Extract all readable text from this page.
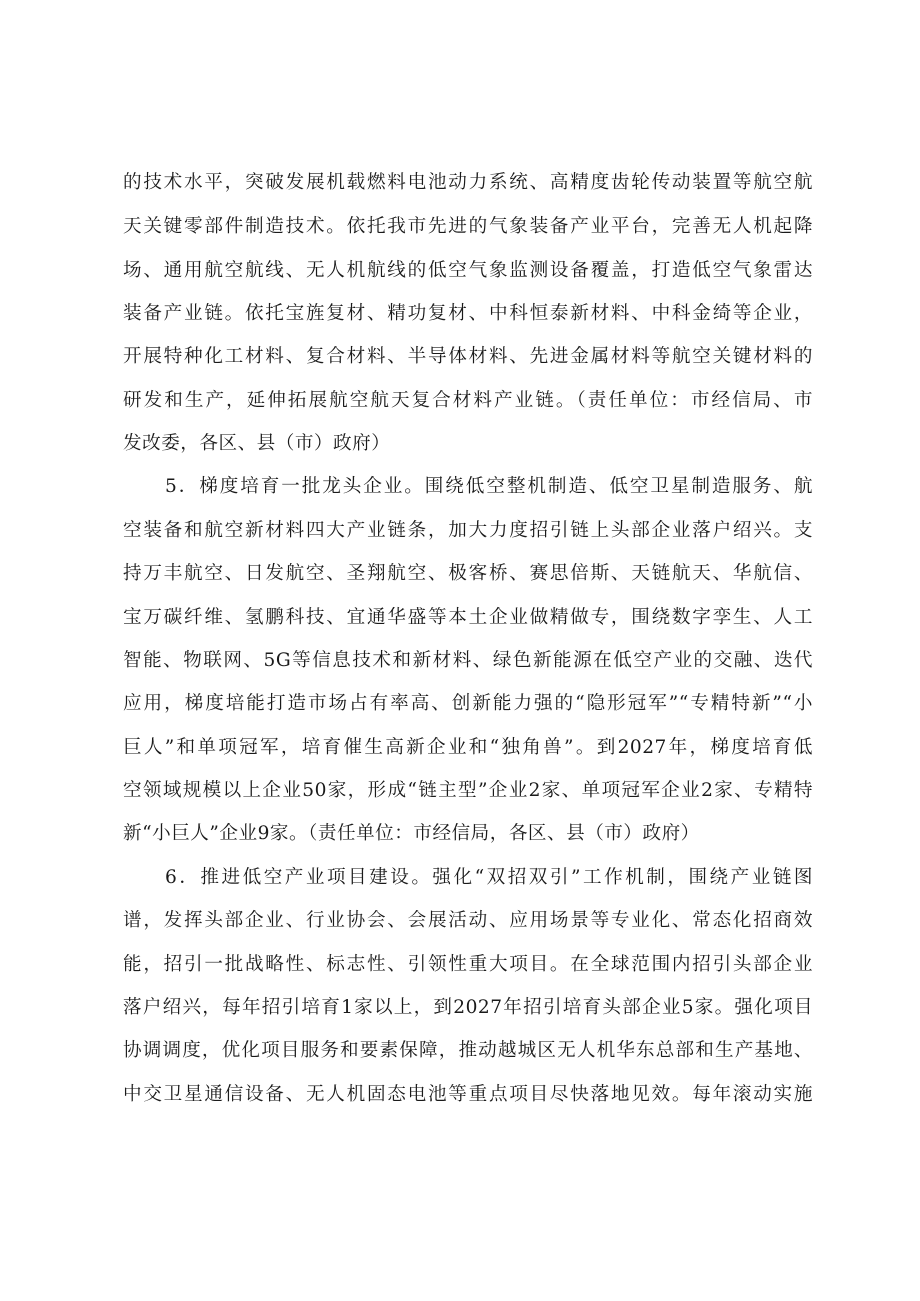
的技术水平，突破发展机载燃料电池动力系统、高精度齿轮传动装置等航空航
天关键零部件制造技术。依托我市先进的气象装备产业平台，完善无人机起降
场、通用航空航线、无人机航线的低空气象监测设备覆盖，打造低空气象雷达
装备产业链。依托宝旌复材、精功复材、中科恒泰新材料、中科金绮等企业，
开展特种化工材料、复合材料、半导体材料、先进金属材料等航空关键材料的
研发和生产，延伸拓展航空航天复合材料产业链。（责任单位：市经信局、市
发改委，各区、县（市）政府）
5．梯度培育一批龙头企业。围绕低空整机制造、低空卫星制造服务、航
空装备和航空新材料四大产业链条，加大力度招引链上头部企业落户绍兴。支
持万丰航空、日发航空、圣翔航空、极客桥、赛思倍斯、天链航天、华航信、
宝万碳纤维、氢鹏科技、宜通华盛等本土企业做精做专，围绕数字孪生、人工
智能、物联网、5G等信息技术和新材料、绿色新能源在低空产业的交融、迭代
应用，梯度培能打造市场占有率高、创新能力强的“隐形冠军”“专精特新”“小
巨人”和单项冠军，培育催生高新企业和“独角兽”。到2027年，梯度培育低
空领域规模以上企业50家，形成“链主型”企业2家、单项冠军企业2家、专精特
新“小巨人”企业9家。（责任单位：市经信局，各区、县（市）政府）
6．推进低空产业项目建设。强化“双招双引”工作机制，围绕产业链图
谱，发挥头部企业、行业协会、会展活动、应用场景等专业化、常态化招商效
能，招引一批战略性、标志性、引领性重大项目。在全球范围内招引头部企业
落户绍兴，每年招引培育1家以上，到2027年招引培育头部企业5家。强化项目
协调调度，优化项目服务和要素保障，推动越城区无人机华东总部和生产基地、
中交卫星通信设备、无人机固态电池等重点项目尽快落地见效。每年滚动实施
